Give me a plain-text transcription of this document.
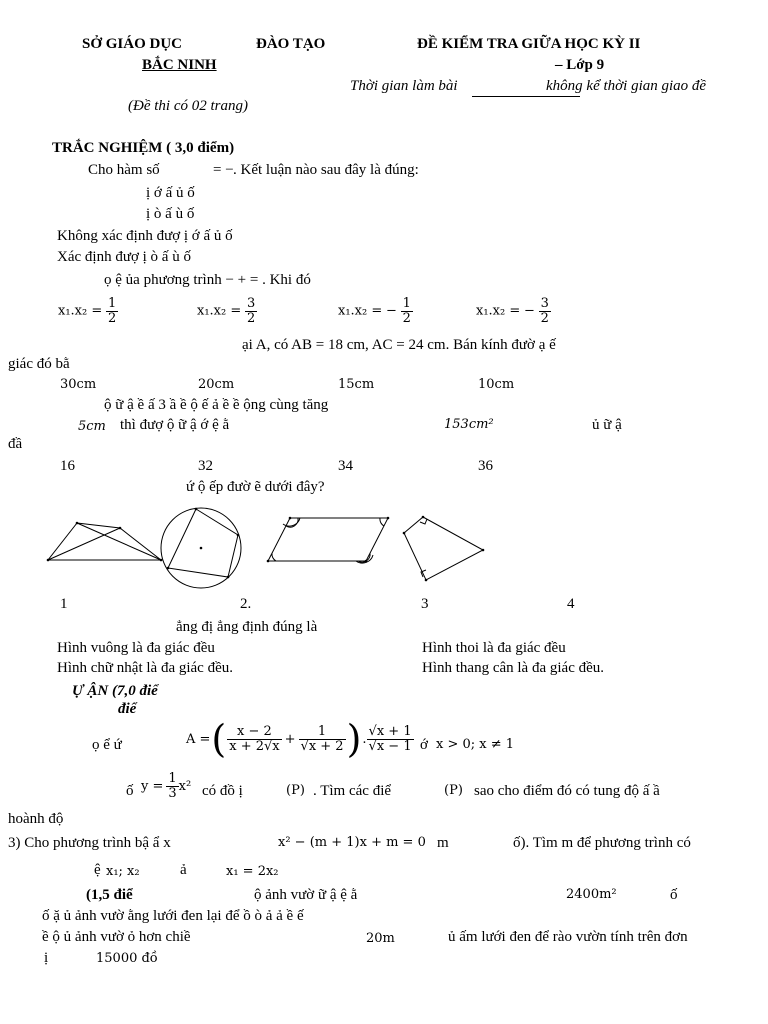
SỞ GIÁO DỤC	ĐÀO TẠO
BẮC NINH
ĐỀ KIỂM TRA GIỮA HỌC KỲ II
– Lớp 9
Thời gian làm bài	không kể thời gian giao đề
(Đề thi có 02 trang)
TRẮC NGHIỆM ( 3,0 điểm)
Cho hàm số	= − . Kết luận nào sau đây là đúng:
ị ớ ấ ủ ố
ị ò ấ ù ố
Không xác định đượ ị ớ ấ ủ ố
Xác định đượ ị ò ấ ù ố
ọ ệ ủa phương trình − + = . Khi đó
$x_1.x_2 = \frac{1}{2}$	$x_1.x_2 = \frac{3}{2}$	x₁.x₂ = − $\frac{1}{2}$	x₁.x₂ = − $\frac{3}{2}$
ại A, có AB = 18 cm, AC = 24 cm. Bán kính đườ ạ ế
giác đó bằ
30cm	20cm	15cm	10cm
ộ ữ ậ ề ấ 3 ầ ề ộ ế ả ề ề ộng cùng tăng
5cm thì đượ ộ ữ ậ ớ ệ ằ	153cm²	ủ ữ ậ
đầ
16	32	34	36
ứ ộ ếp đườ ẽ dưới đây?
1	2.	3	4
ẳng đị ẳng định đúng là
Hình vuông là đa giác đều	Hình thoi là đa giác đều
Hình chữ nhật là đa giác đều.	Hình thang cân là đa giác đều.
Ự ẬN (7,0 điể
điể
ọ ể ứ	A = ( $\frac{x - 2}{x + 2√x} + \frac{1}{√x + 2}$ ) . $\frac{√x + 1}{√x - 1}$ ớ x > 0; x ≠ 1
ố $y = \frac{1}{3} x^2$ có đồ ị	(P) . Tìm các điể	(P) sao cho điểm đó có tung độ ấ ầ
hoành độ
3) Cho phương trình bậ ẩ x	x² − (m + 1)x + m = 0 m	ố). Tìm m để phương trình có
ệ x₁; x₂	ả	x₁ = 2x₂
(1,5 điể	ộ ảnh vườ ữ ậ ệ ằ	2400m²	ố
ố ặ ủ ảnh vườ ằng lưới đen lại để ồ ò ả ả ề ế
ề ộ ủ ảnh vườ ỏ hơn chiề	20m	ủ ấm lưới đen để rào vườn tính trên đơn
ị	15000 đồ
